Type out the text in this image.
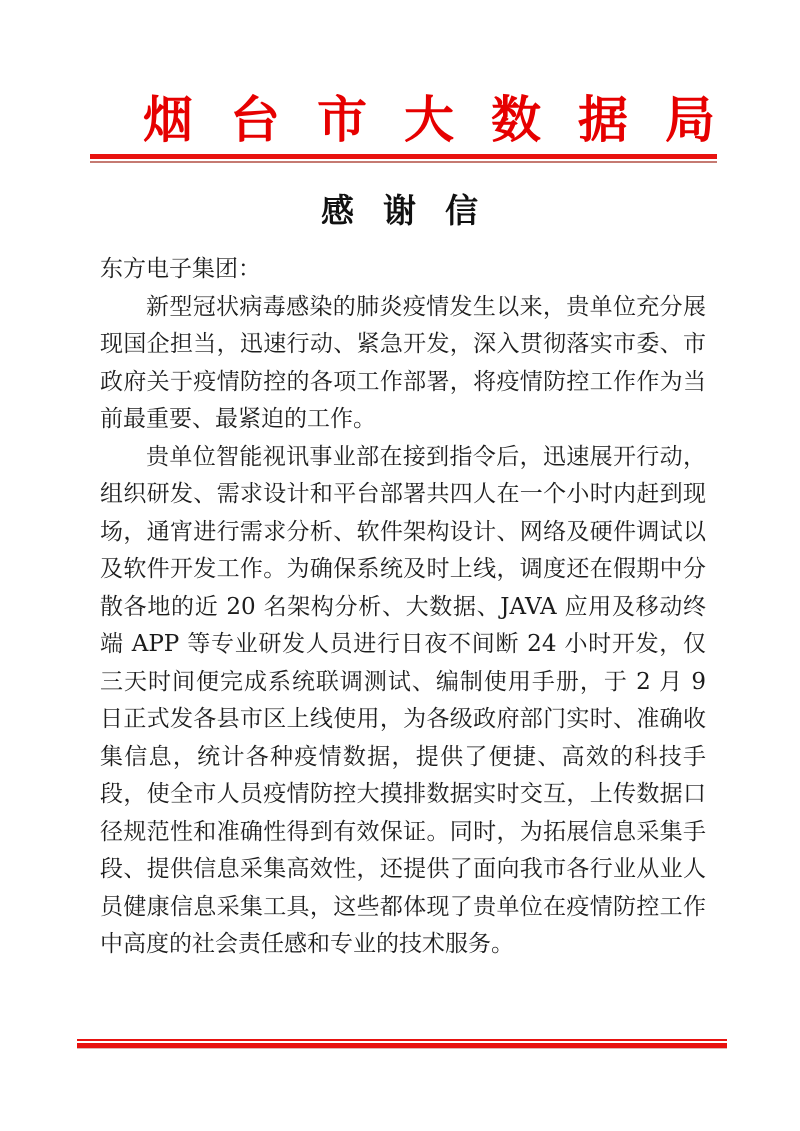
烟台市大数据局
感谢信

东方电子集团：

新型冠状病毒感染的肺炎疫情发生以来，贵单位充分展现国企担当，迅速行动、紧急开发，深入贯彻落实市委、市政府关于疫情防控的各项工作部署，将疫情防控工作作为当前最重要、最紧迫的工作。

贵单位智能视讯事业部在接到指令后，迅速展开行动，组织研发、需求设计和平台部署共四人在一个小时内赶到现场，通宵进行需求分析、软件架构设计、网络及硬件调试以及软件开发工作。为确保系统及时上线，调度还在假期中分散各地的近 20 名架构分析、大数据、JAVA 应用及移动终端 APP 等专业研发人员进行日夜不间断 24 小时开发，仅三天时间便完成系统联调测试、编制使用手册，于 2 月 9 日正式发各县市区上线使用，为各级政府部门实时、准确收集信息，统计各种疫情数据，提供了便捷、高效的科技手段，使全市人员疫情防控大摸排数据实时交互，上传数据口径规范性和准确性得到有效保证。同时，为拓展信息采集手段、提供信息采集高效性，还提供了面向我市各行业从业人员健康信息采集工具，这些都体现了贵单位在疫情防控工作中高度的社会责任感和专业的技术服务。
